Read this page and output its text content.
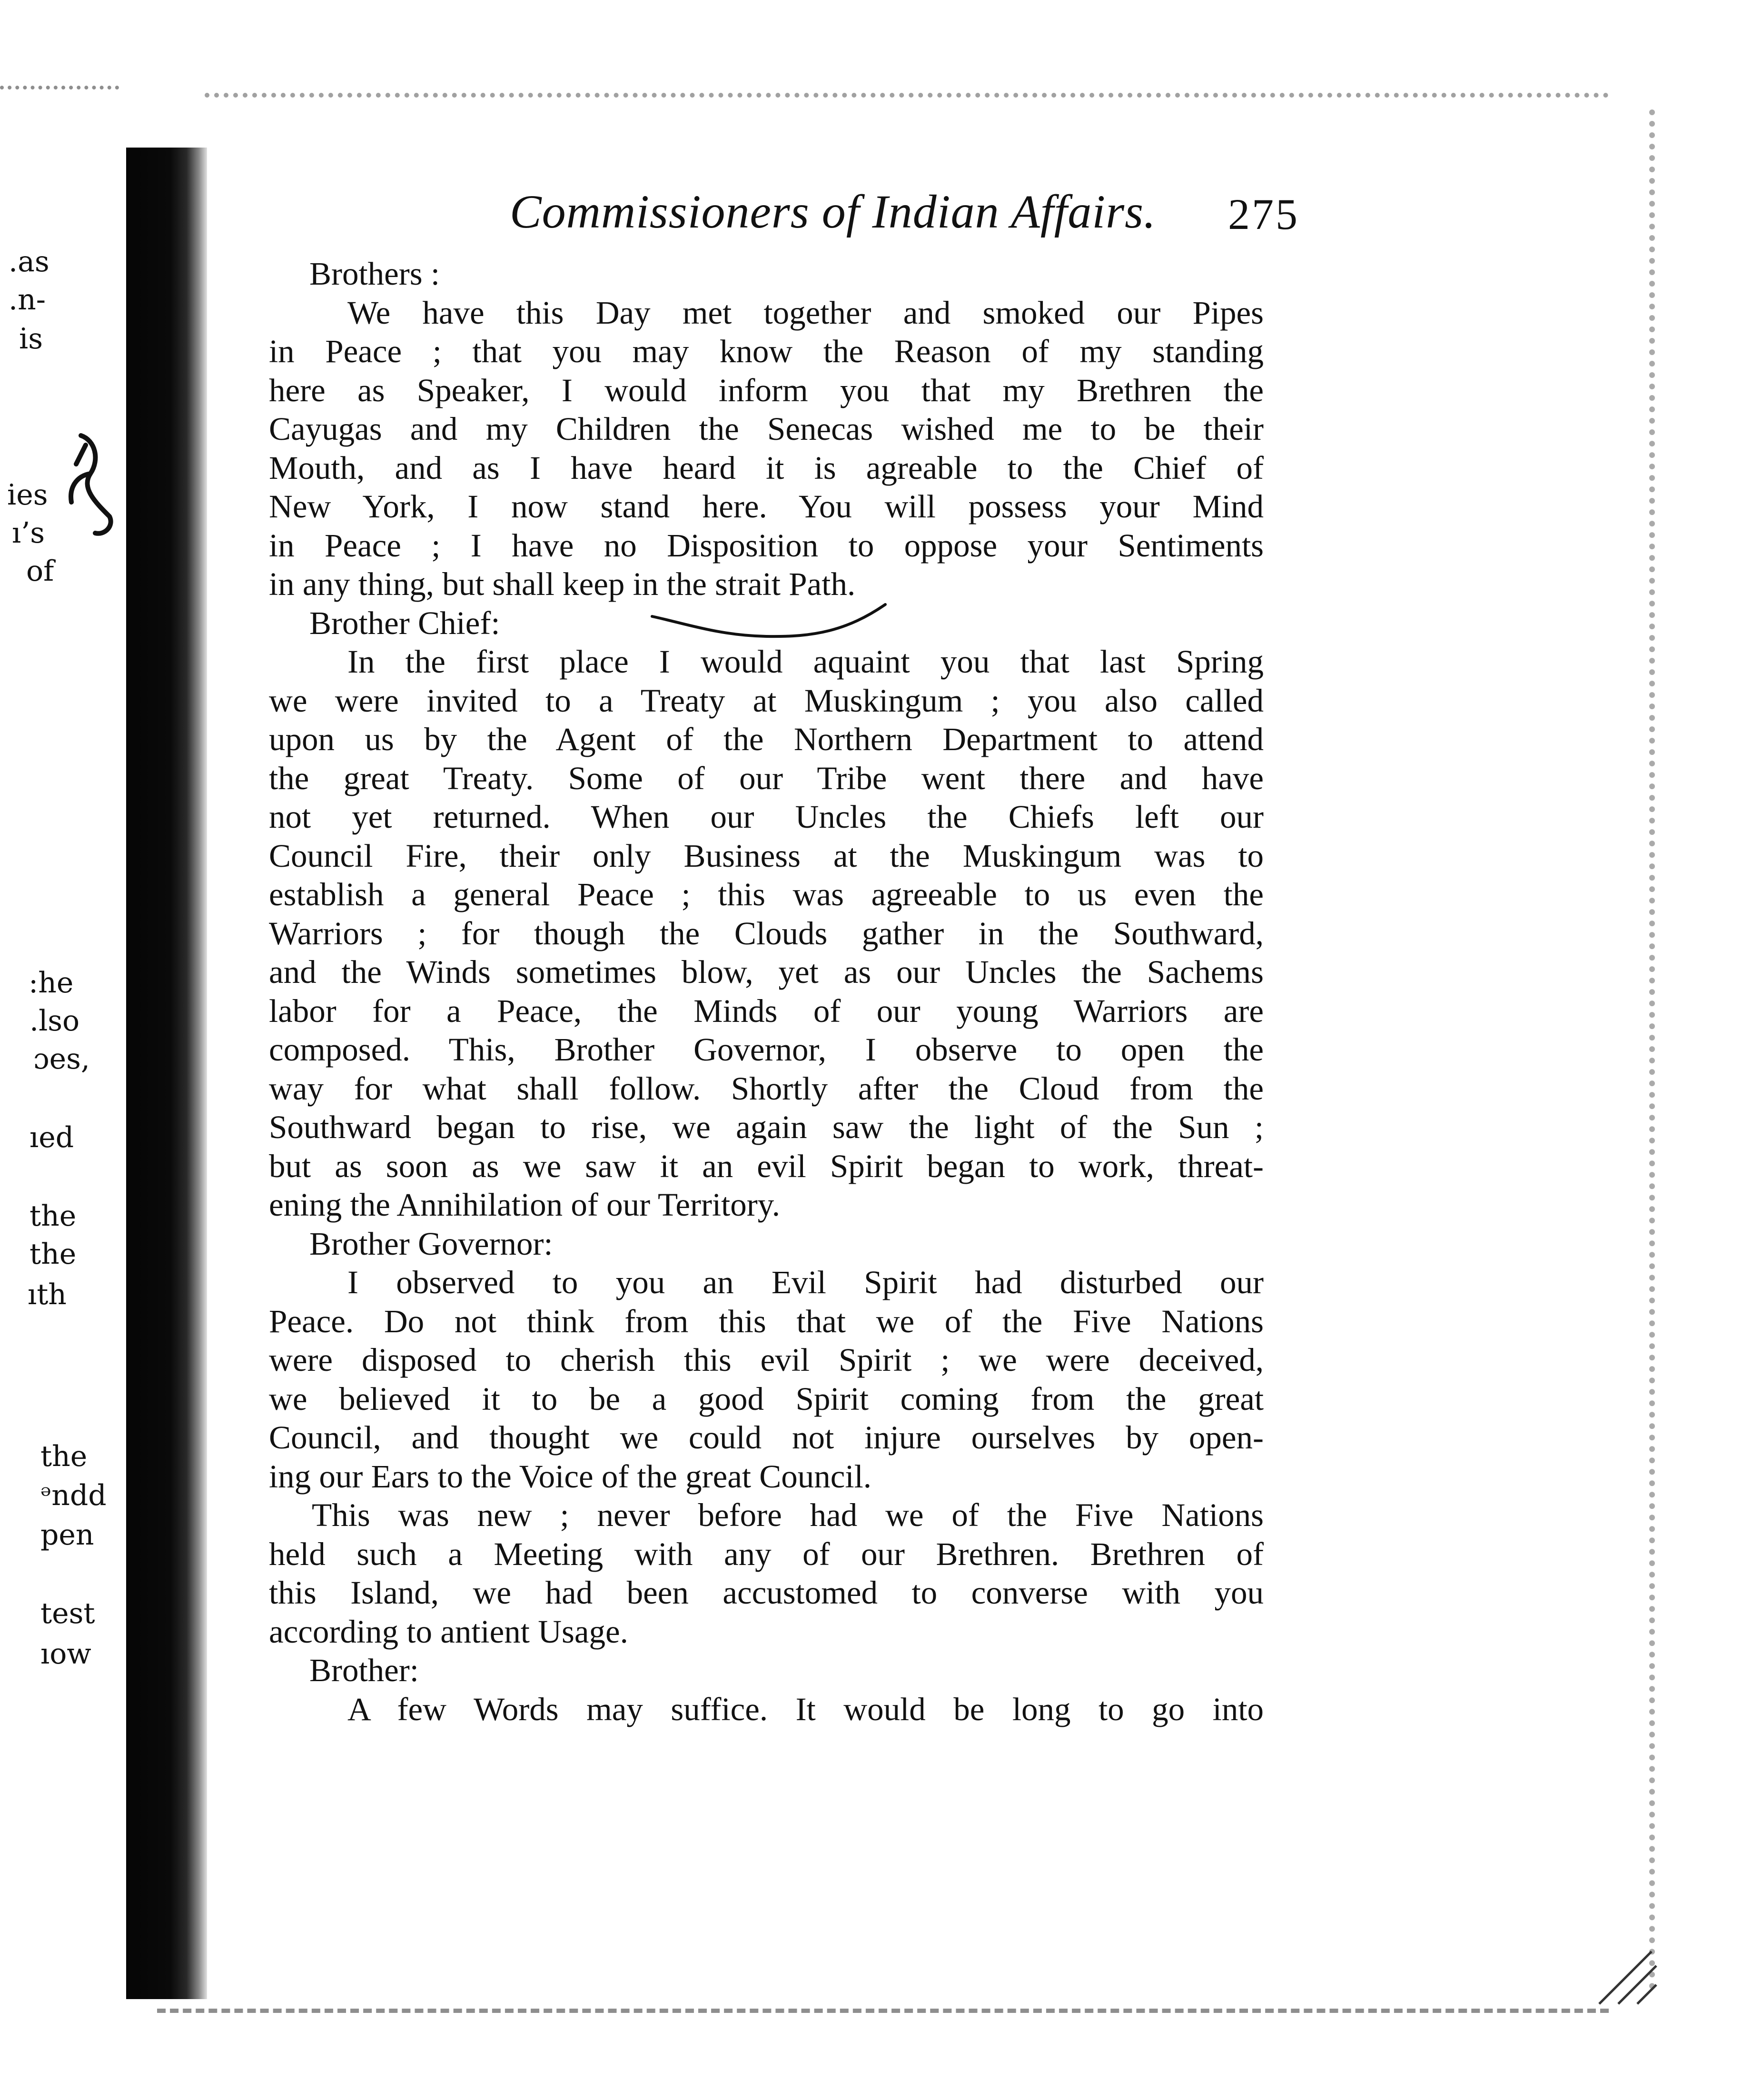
.as
.n-
is
ies
ı’s
of
:he
.lso
ɔes,
ıed
the
the
ıth
the
ᵊndd
pen
test
ıow
Commissioners of Indian Affairs.	275
Brothers :
We have this Day met together and smoked our Pipes
in Peace ; that you may know the Reason of my standing
here as Speaker, I would inform you that my Brethren the
Cayugas and my Children the Senecas wished me to be their
Mouth, and as I have heard it is agreable to the Chief of
New York, I now stand here. You will possess your Mind
in Peace ; I have no Disposition to oppose your Sentiments
in any thing, but shall keep in the strait Path.
Brother Chief:
In the first place I would aquaint you that last Spring
we were invited to a Treaty at Muskingum ; you also called
upon us by the Agent of the Northern Department to attend
the great Treaty. Some of our Tribe went there and have
not yet returned. When our Uncles the Chiefs left our
Council Fire, their only Business at the Muskingum was to
establish a general Peace ; this was agreeable to us even the
Warriors ; for though the Clouds gather in the Southward,
and the Winds sometimes blow, yet as our Uncles the Sachems
labor for a Peace, the Minds of our young Warriors are
composed. This, Brother Governor, I observe to open the
way for what shall follow. Shortly after the Cloud from the
Southward began to rise, we again saw the light of the Sun ;
but as soon as we saw it an evil Spirit began to work, threat-
ening the Annihilation of our Territory.
Brother Governor:
I observed to you an Evil Spirit had disturbed our
Peace. Do not think from this that we of the Five Nations
were disposed to cherish this evil Spirit ; we were deceived,
we believed it to be a good Spirit coming from the great
Council, and thought we could not injure ourselves by open-
ing our Ears to the Voice of the great Council.
This was new ; never before had we of the Five Nations
held such a Meeting with any of our Brethren. Brethren of
this Island, we had been accustomed to converse with you
according to antient Usage.
Brother:
A few Words may suffice. It would be long to go into
